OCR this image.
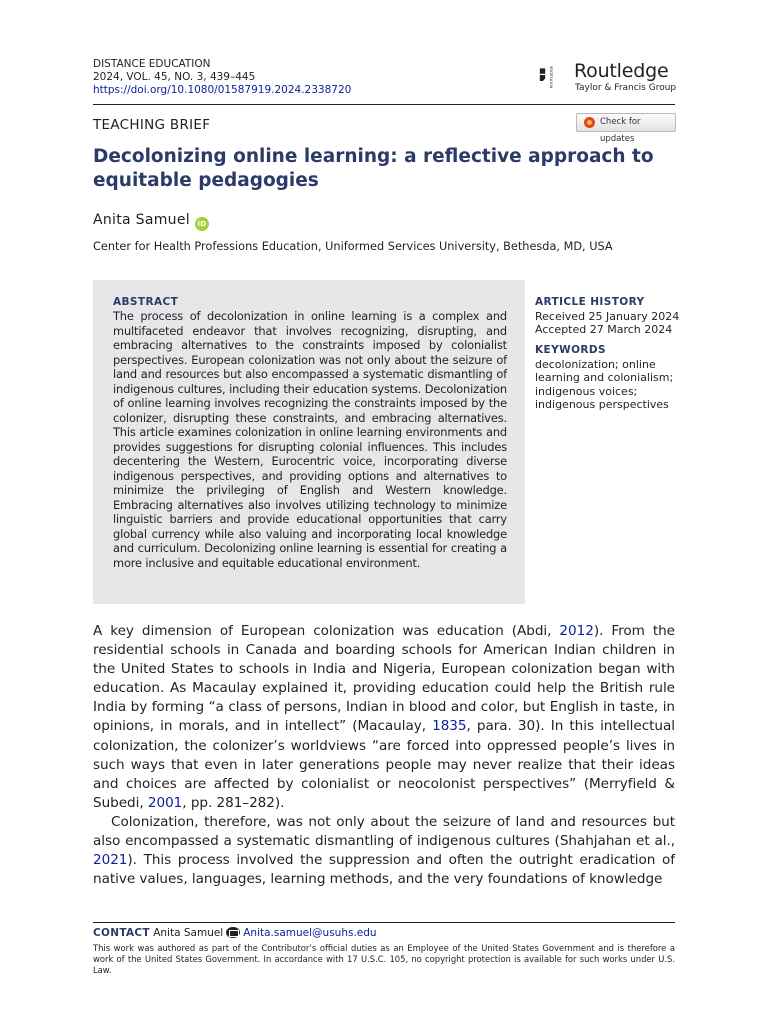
DISTANCE EDUCATION
2024, VOL. 45, NO. 3, 439–445
https://doi.org/10.1080/01587919.2024.2338720
ROUTLEDGE Routledge
Taylor & Francis Group
TEACHING BRIEF	Check for updates
Decolonizing online learning: a reflective approach to equitable pedagogies
Anita Samuel iD
Center for Health Professions Education, Uniformed Services University, Bethesda, MD, USA
ABSTRACT
The process of decolonization in online learning is a complex and multifaceted endeavor that involves recognizing, disrupting, and embracing alternatives to the constraints imposed by colonialist perspectives. European colonization was not only about the seizure of land and resources but also encompassed a systematic dismantling of indigenous cultures, including their education systems. Decolonization of online learning involves recognizing the constraints imposed by the colonizer, disrupting these constraints, and embracing alternatives. This article examines colonization in online learning environments and provides suggestions for disrupting colonial influences. This includes decentering the Western, Eurocentric voice, incorporating diverse indigenous perspectives, and providing options and alternatives to minimize the privileging of English and Western knowledge. Embracing alternatives also involves utilizing technology to minimize linguistic barriers and provide educational opportunities that carry global currency while also valuing and incorporating local knowledge and curriculum. Decolonizing online learning is essential for creating a more inclusive and equitable educational environment.
ARTICLE HISTORY
Received 25 January 2024
Accepted 27 March 2024
KEYWORDS
decolonization; online learning and colonialism; indigenous voices; indigenous perspectives

A key dimension of European colonization was education (Abdi, 2012). From the residential schools in Canada and boarding schools for American Indian children in the United States to schools in India and Nigeria, European colonization began with education. As Macaulay explained it, providing education could help the British rule India by forming “a class of persons, Indian in blood and color, but English in taste, in opinions, in morals, and in intellect” (Macaulay, 1835, para. 30). In this intellectual colonization, the colonizer’s worldviews “are forced into oppressed people’s lives in such ways that even in later generations people may never realize that their ideas and choices are affected by colonialist or neocolonist perspectives” (Merryfield & Subedi, 2001, pp. 281–282).

Colonization, therefore, was not only about the seizure of land and resources but also encompassed a systematic dismantling of indigenous cultures (Shahjahan et al., 2021). This process involved the suppression and often the outright eradication of native values, languages, learning methods, and the very foundations of knowledge

CONTACT Anita Samuel Anita.samuel@usuhs.edu
This work was authored as part of the Contributor’s official duties as an Employee of the United States Government and is therefore a work of the United States Government. In accordance with 17 U.S.C. 105, no copyright protection is available for such works under U.S. Law.
